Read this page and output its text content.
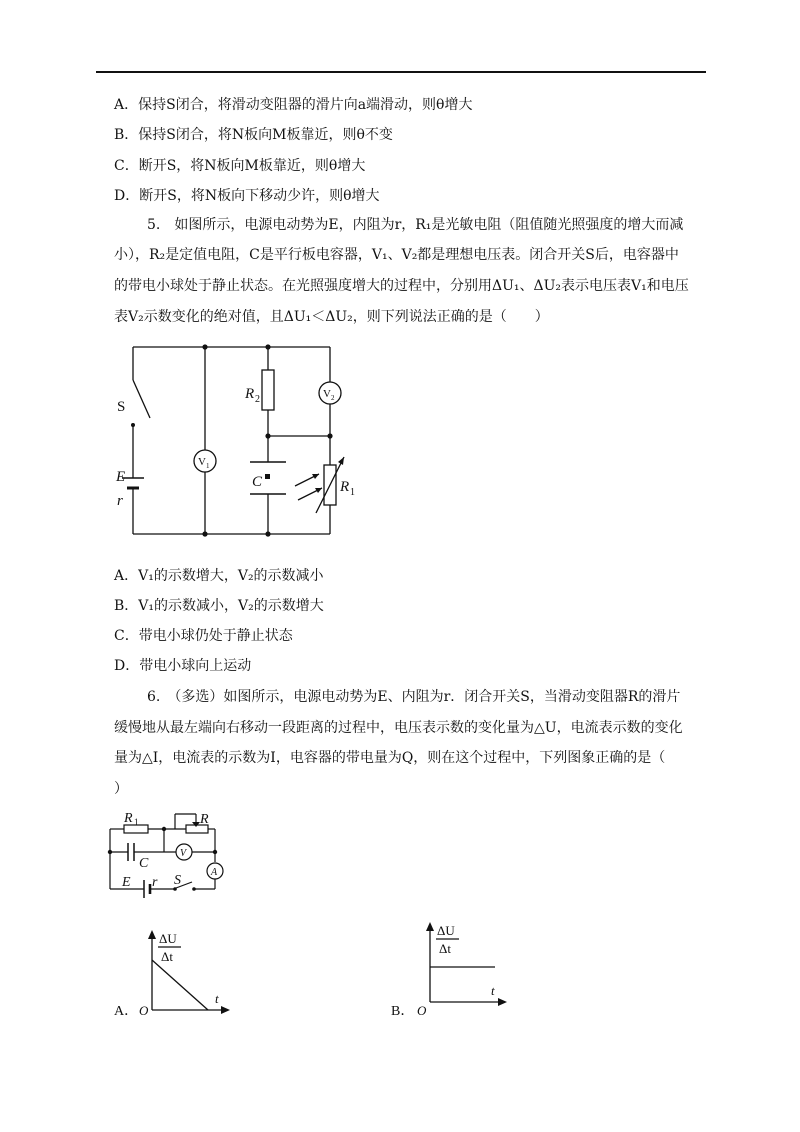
A．保持S闭合，将滑动变阻器的滑片向a端滑动，则θ增大
B．保持S闭合，将N板向M板靠近，则θ不变
C．断开S，将N板向M板靠近，则θ增大
D．断开S，将N板向下移动少许，则θ增大
5.　如图所示，电源电动势为E，内阻为r，R₁是光敏电阻（阻值随光照强度的增大而减
小），R₂是定值电阻，C是平行板电容器，V₁、V₂都是理想电压表。闭合开关S后，电容器中
的带电小球处于静止状态。在光照强度增大的过程中，分别用ΔU₁、ΔU₂表示电压表V₁和电压
表V₂示数变化的绝对值，且ΔU₁＜ΔU₂，则下列说法正确的是（　　）
S
E
r
R 2
C	R 1
V 1
V 2
A．V₁的示数增大，V₂的示数减小
B．V₁的示数减小，V₂的示数增大
C．带电小球仍处于静止状态
D．带电小球向上运动
6.　（多选）如图所示，电源电动势为E、内阻为r．闭合开关S，当滑动变阻器R的滑片
缓慢地从最左端向右移动一段距离的过程中，电压表示数的变化量为△U，电流表示数的变化
量为△I，电流表的示数为I，电容器的带电量为Q，则在这个过程中，下列图象正确的是（
）
R 1	R
C
E r S
V
A
ΔU
Δt
O
t
A．
ΔU
Δt
O
t
B．
